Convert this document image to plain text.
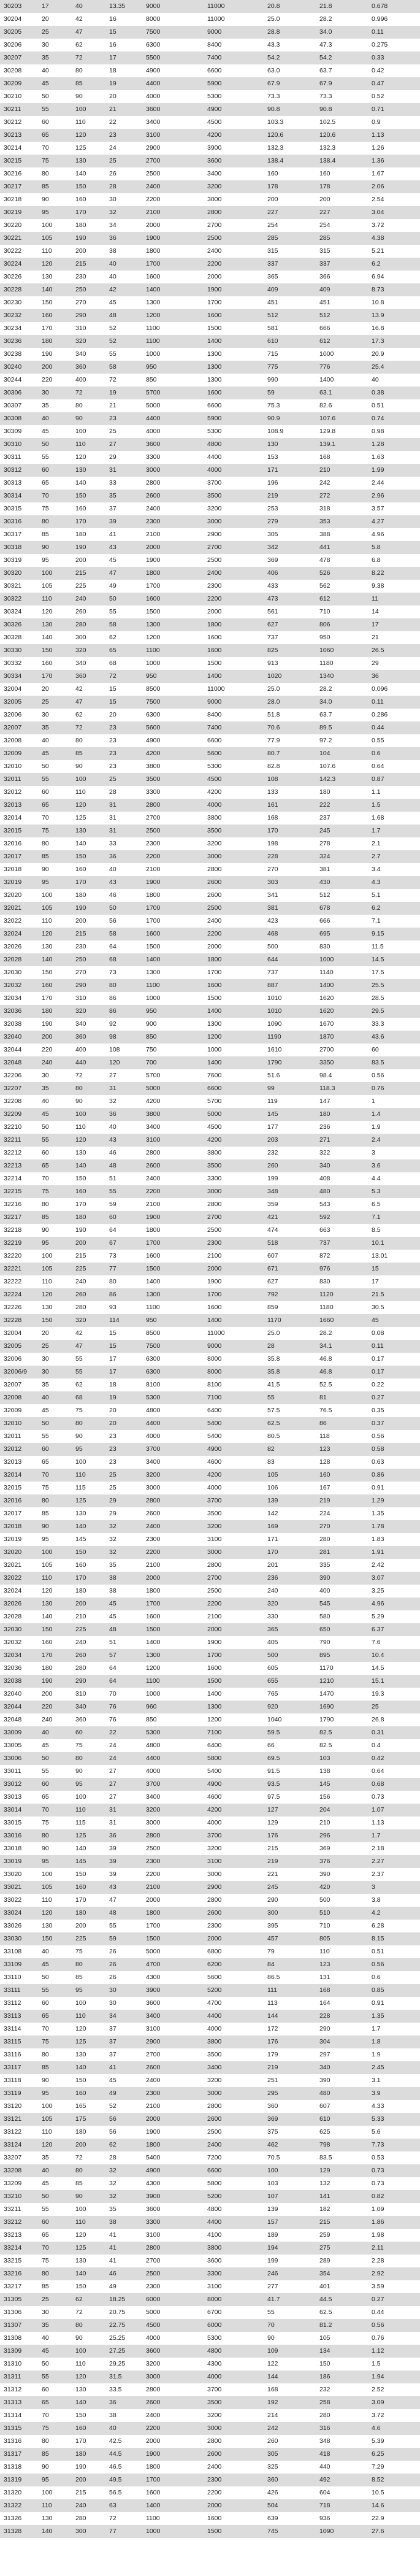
30203	17	40	13.35	9000	11000	20.8	21.8	0.678
30204	20	42	16	8000	11000	25.0	28.2	0.996
30205	25	47	15	7500	9000	28.8	34.0	0.11
30206	30	62	16	6300	8400	43.3	47.3	0.275
30207	35	72	17	5500	7400	54.2	54.2	0.33
30208	40	80	18	4900	6600	63.0	63.7	0.42
30209	45	85	19	4400	5900	67.9	67.9	0.47
30210	50	90	20	4000	5300	73.3	73.3	0.52
30211	55	100	21	3600	4900	90.8	90.8	0.71
30212	60	110	22	3400	4500	103.3	102.5	0.9
30213	65	120	23	3100	4200	120.6	120.6	1.13
30214	70	125	24	2900	3900	132.3	132.3	1.26
30215	75	130	25	2700	3600	138.4	138.4	1.36
30216	80	140	26	2500	3400	160	160	1.67
30217	85	150	28	2400	3200	178	178	2.06
30218	90	160	30	2200	3000	200	200	2.54
30219	95	170	32	2100	2800	227	227	3.04
30220	100	180	34	2000	2700	254	254	3.72
30221	105	190	36	1900	2500	285	285	4.38
30222	110	200	38	1800	2400	315	315	5.21
30224	120	215	40	1700	2200	337	337	6.2
30226	130	230	40	1600	2000	365	366	6.94
30228	140	250	42	1400	1900	409	409	8.73
30230	150	270	45	1300	1700	451	451	10.8
30232	160	290	48	1200	1600	512	512	13.9
30234	170	310	52	1100	1500	581	666	16.8
30236	180	320	52	1100	1400	610	612	17.3
30238	190	340	55	1000	1300	715	1000	20.9
30240	200	360	58	950	1300	775	776	25.4
30244	220	400	72	850	1300	990	1400	40
30306	30	72	19	5700	1600	59	63.1	0.38
30307	35	80	21	5000	6600	75.3	82.6	0.51
30308	40	90	23	4400	5900	90.9	107.6	0.74
30309	45	100	25	4000	5300	108.9	129.8	0.98
30310	50	110	27	3600	4800	130	139.1	1.28
30311	55	120	29	3300	4400	153	168	1.63
30312	60	130	31	3000	4000	171	210	1.99
30313	65	140	33	2800	3700	196	242	2.44
30314	70	150	35	2600	3500	219	272	2.96
30315	75	160	37	2400	3200	253	318	3.57
30316	80	170	39	2300	3000	279	353	4.27
30317	85	180	41	2100	2900	305	388	4.96
30318	90	190	43	2000	2700	342	441	5.8
30319	95	200	45	1900	2500	369	478	6.8
30320	100	215	47	1800	2400	406	526	8.22
30321	105	225	49	1700	2300	433	562	9.38
30322	110	240	50	1600	2200	473	612	11
30324	120	260	55	1500	2000	561	710	14
30326	130	280	58	1300	1800	627	806	17
30328	140	300	62	1200	1600	737	950	21
30330	150	320	65	1100	1600	825	1060	26.5
30332	160	340	68	1000	1500	913	1180	29
30334	170	360	72	950	1400	1020	1340	36
32004	20	42	15	8500	11000	25.0	28.2	0.096
32005	25	47	15	7500	9000	28.0	34.0	0.11
32006	30	62	20	6300	8400	51.8	63.7	0.286
32007	35	72	23	5600	7400	70.6	89.5	0.44
32008	40	80	23	4900	6600	77.9	97.2	0.55
32009	45	85	23	4200	5600	80.7	104	0.6
32010	50	90	23	3800	5300	82.8	107.6	0.64
32011	55	100	25	3500	4500	108	142.3	0.87
32012	60	110	28	3300	4200	133	180	1.1
32013	65	120	31	2800	4000	161	222	1.5
32014	70	125	31	2700	3800	168	237	1.68
32015	75	130	31	2500	3500	170	245	1.7
32016	80	140	33	2300	3200	198	278	2.1
32017	85	150	36	2200	3000	228	324	2.7
32018	90	160	40	2100	2800	270	381	3.4
32019	95	170	43	1900	2600	303	430	4.3
32020	100	180	46	1800	2600	341	512	5.1
32021	105	190	50	1700	2500	381	678	6.2
32022	110	200	56	1700	2400	423	666	7.1
32024	120	215	58	1600	2200	468	695	9.15
32026	130	230	64	1500	2000	500	830	11.5
32028	140	250	68	1400	1800	644	1000	14.5
32030	150	270	73	1300	1700	737	1140	17.5
32032	160	290	80	1100	1600	887	1400	25.5
32034	170	310	86	1000	1500	1010	1620	28.5
32036	180	320	86	950	1400	1010	1620	29.5
32038	190	340	92	900	1300	1090	1670	33.3
32040	200	360	98	850	1200	1190	1870	43.6
32044	220	400	108	750	1000	1610	2700	60
32048	240	440	120	700	1400	1790	3350	83.5
32206	30	72	27	5700	7600	51.6	98.4	0.56
32207	35	80	31	5000	6600	99	118.3	0.76
32208	40	90	32	4200	5700	119	147	1
32209	45	100	36	3800	5000	145	180	1.4
32210	50	110	40	3400	4500	177	236	1.9
32211	55	120	43	3100	4200	203	271	2.4
32212	60	130	46	2800	3800	232	322	3
32213	65	140	48	2600	3500	260	340	3.6
32214	70	150	51	2400	3300	199	408	4.4
32215	75	160	55	2200	3000	348	480	5.3
32216	80	170	59	2100	2800	359	543	6.5
32217	85	180	60	1900	2700	421	592	7.1
32218	90	190	64	1800	2500	474	663	8.5
32219	95	200	67	1700	2300	518	737	10.1
32220	100	215	73	1600	2100	607	872	13.01
32221	105	225	77	1500	2000	671	976	15
32222	110	240	80	1400	1900	627	830	17
32224	120	260	86	1300	1700	792	1120	21.5
32226	130	280	93	1100	1600	859	1180	30.5
32228	150	320	114	950	1400	1170	1660	45
32004	20	42	15	8500	11000	25.0	28.2	0.08
32005	25	47	15	7500	9000	28	34.1	0.11
32006	30	55	17	6300	8000	35.8	46.8	0.17
32006/9	30	55	17	6300	8000	35.8	46.8	0.17
32007	35	62	18	8100	8100	41.5	52.5	0.22
32008	40	68	19	5300	7100	55	81	0.27
32009	45	75	20	4800	6400	57.5	76.5	0.35
32010	50	80	20	4400	5400	62.5	86	0.37
32011	55	90	23	4000	5400	80.5	118	0.56
32012	60	95	23	3700	4900	82	123	0.58
32013	65	100	23	3400	4600	83	128	0.63
32014	70	110	25	3200	4200	105	160	0.86
32015	75	115	25	3000	4000	106	167	0.91
32016	80	125	29	2800	3700	139	219	1.29
32017	85	130	29	2600	3500	142	224	1.35
32018	90	140	32	2400	3200	169	270	1.78
32019	95	145	32	2300	3100	171	280	1.83
32020	100	150	32	2200	3000	170	281	1.91
32021	105	160	35	2100	2800	201	335	2.42
32022	110	170	38	2000	2700	236	390	3.07
32024	120	180	38	1800	2500	240	400	3.25
32026	130	200	45	1700	2200	320	545	4.96
32028	140	210	45	1600	2100	330	580	5.29
32030	150	225	48	1500	2000	365	650	6.37
32032	160	240	51	1400	1900	405	790	7.6
32034	170	260	57	1300	1700	500	895	10.4
32036	180	280	64	1200	1600	605	1170	14.5
32038	190	290	64	1100	1500	655	1210	15.1
32040	200	310	70	1000	1400	765	1470	19.3
32044	220	340	76	960	1300	920	1690	25
32048	240	360	76	850	1200	1040	1790	26.8
33009	40	60	22	5300	7100	59.5	82.5	0.31
33005	45	75	24	4800	6400	66	82.5	0.4
33006	50	80	24	4400	5800	69.5	103	0.42
33011	55	90	27	4000	5400	91.5	138	0.64
33012	60	95	27	3700	4900	93.5	145	0.68
33013	65	100	27	3400	4600	97.5	156	0.73
33014	70	110	31	3200	4200	127	204	1.07
33015	75	115	31	3000	4000	129	210	1.13
33016	80	125	36	2800	3700	176	296	1.7
33018	90	140	39	2500	3200	215	369	2.18
33019	95	145	39	2300	3100	219	376	2.27
33020	100	150	39	2200	3000	221	390	2.37
33021	105	160	43	2100	2900	245	420	3
33022	110	170	47	2000	2800	290	500	3.8
33024	120	180	48	1800	2600	300	510	4.2
33026	130	200	55	1700	2300	395	710	6.28
33030	150	225	59	1500	2000	457	805	8.15
33108	40	75	26	5000	6800	79	110	0.51
33109	45	80	26	4700	6200	84	123	0.56
33110	50	85	26	4300	5600	86.5	131	0.6
33111	55	95	30	3900	5200	111	168	0.85
33112	60	100	30	3600	4700	113	164	0.91
33113	65	110	34	3400	4400	144	228	1.35
33114	70	120	37	3100	4000	172	290	1.7
33115	75	125	37	2900	3800	176	304	1.8
33116	80	130	37	2700	3500	179	297	1.9
33117	85	140	41	2600	3400	219	340	2.45
33118	90	150	45	2400	3200	251	390	3.1
33119	95	160	49	2300	3000	295	480	3.9
33120	100	165	52	2100	2800	360	607	4.33
33121	105	175	56	2000	2600	369	610	5.33
33122	110	180	56	1900	2500	375	625	5.6
33124	120	200	62	1800	2400	462	798	7.73
33207	35	72	28	5400	7200	70.5	83.5	0.53
33208	40	80	32	4900	6600	100	129	0.73
33209	45	85	32	4300	5800	103	132	0.73
33210	50	90	32	3900	5200	107	141	0.82
33211	55	100	35	3600	4800	139	182	1.09
33212	60	110	38	3300	4400	157	215	1.86
33213	65	120	41	3100	4100	189	259	1.98
33214	70	125	41	2800	3800	194	275	2.11
33215	75	130	41	2700	3600	199	289	2.28
33216	80	140	46	2500	3300	246	354	2.92
33217	85	150	49	2300	3100	277	401	3.59
31305	25	62	18.25	6000	8000	41.7	44.5	0.27
31306	30	72	20.75	5000	6700	55	62.5	0.44
31307	35	80	22.75	4500	6000	70	81.2	0.56
31308	40	90	25.25	4000	5300	90	105	0.76
31309	45	100	27.25	3600	4800	109	134	1.12
31310	50	110	29.25	3200	4300	122	150	1.5
31311	55	120	31.5	3000	4000	144	186	1.94
31312	60	130	33.5	2800	3700	168	232	2.52
31313	65	140	36	2600	3500	192	258	3.09
31314	70	150	38	2400	3200	214	280	3.72
31315	75	160	40	2200	3000	242	316	4.6
31316	80	170	42.5	2000	2800	260	348	5.39
31317	85	180	44.5	1900	2600	305	418	6.25
31318	90	190	46.5	1800	2400	325	440	7.29
31319	95	200	49.5	1700	2300	360	492	8.52
31320	100	215	56.5	1600	2200	426	604	10.5
31322	110	240	63	1400	2000	504	718	14.6
31326	130	280	72	1100	1600	639	936	22.9
31328	140	300	77	1000	1500	745	1090	27.6
